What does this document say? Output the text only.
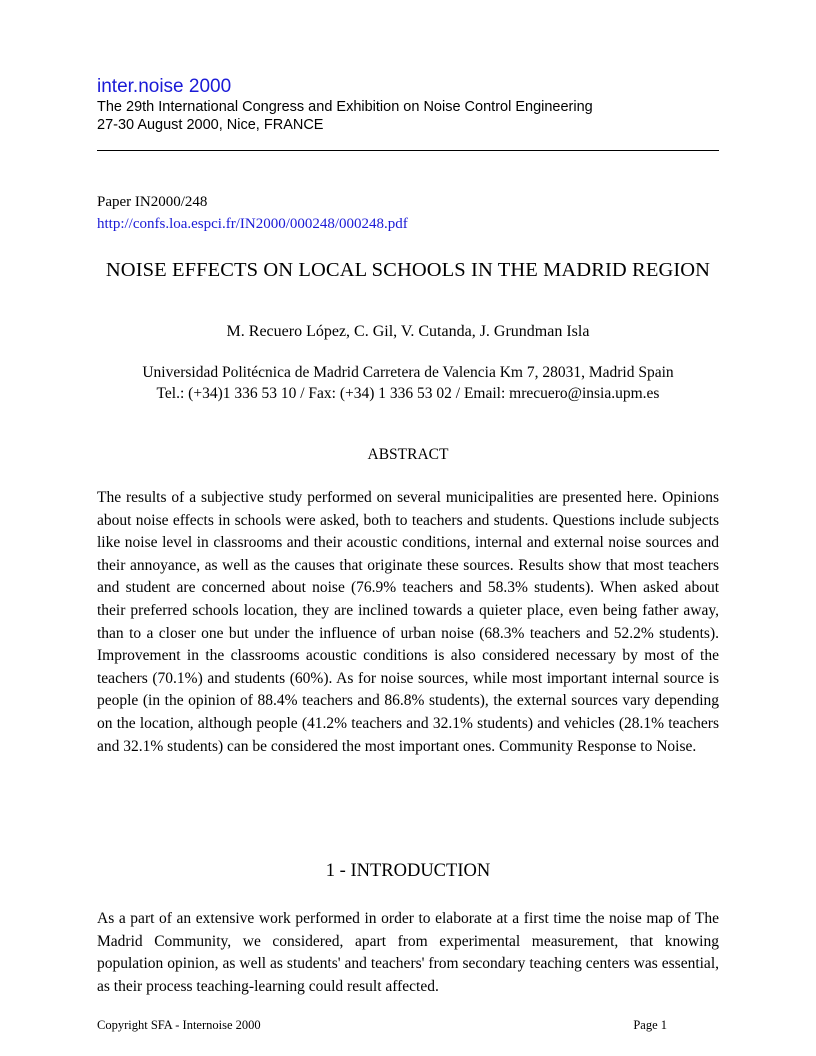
inter.noise 2000

The 29th International Congress and Exhibition on Noise Control Engineering

27-30 August 2000, Nice, FRANCE

Paper IN2000/248
http://confs.loa.espci.fr/IN2000/000248/000248.pdf
NOISE EFFECTS ON LOCAL SCHOOLS IN THE MADRID REGION
M. Recuero López, C. Gil, V. Cutanda, J. Grundman Isla

Universidad Politécnica de Madrid Carretera de Valencia Km 7, 28031, Madrid Spain

Tel.: (+34)1 336 53 10 / Fax: (+34) 1 336 53 02 / Email: mrecuero@insia.upm.es

ABSTRACT

The results of a subjective study performed on several municipalities are presented here. Opinions about noise effects in schools were asked, both to teachers and students. Questions include subjects like noise level in classrooms and their acoustic conditions, internal and external noise sources and their annoyance, as well as the causes that originate these sources. Results show that most teachers and student are concerned about noise (76.9% teachers and 58.3% students). When asked about their preferred schools location, they are inclined towards a quieter place, even being father away, than to a closer one but under the influence of urban noise (68.3% teachers and 52.2% students). Improvement in the classrooms acoustic conditions is also considered necessary by most of the teachers (70.1%) and students (60%). As for noise sources, while most important internal source is people (in the opinion of 88.4% teachers and 86.8% students), the external sources vary depending on the location, although people (41.2% teachers and 32.1% students) and vehicles (28.1% teachers and 32.1% students) can be considered the most important ones. Community Response to Noise.

1 - INTRODUCTION

As a part of an extensive work performed in order to elaborate at a first time the noise map of The Madrid Community, we considered, apart from experimental measurement, that knowing population opinion, as well as students' and teachers' from secondary teaching centers was essential, as their process teaching-learning could result affected.

Copyright SFA - Internoise 2000	Page 1
